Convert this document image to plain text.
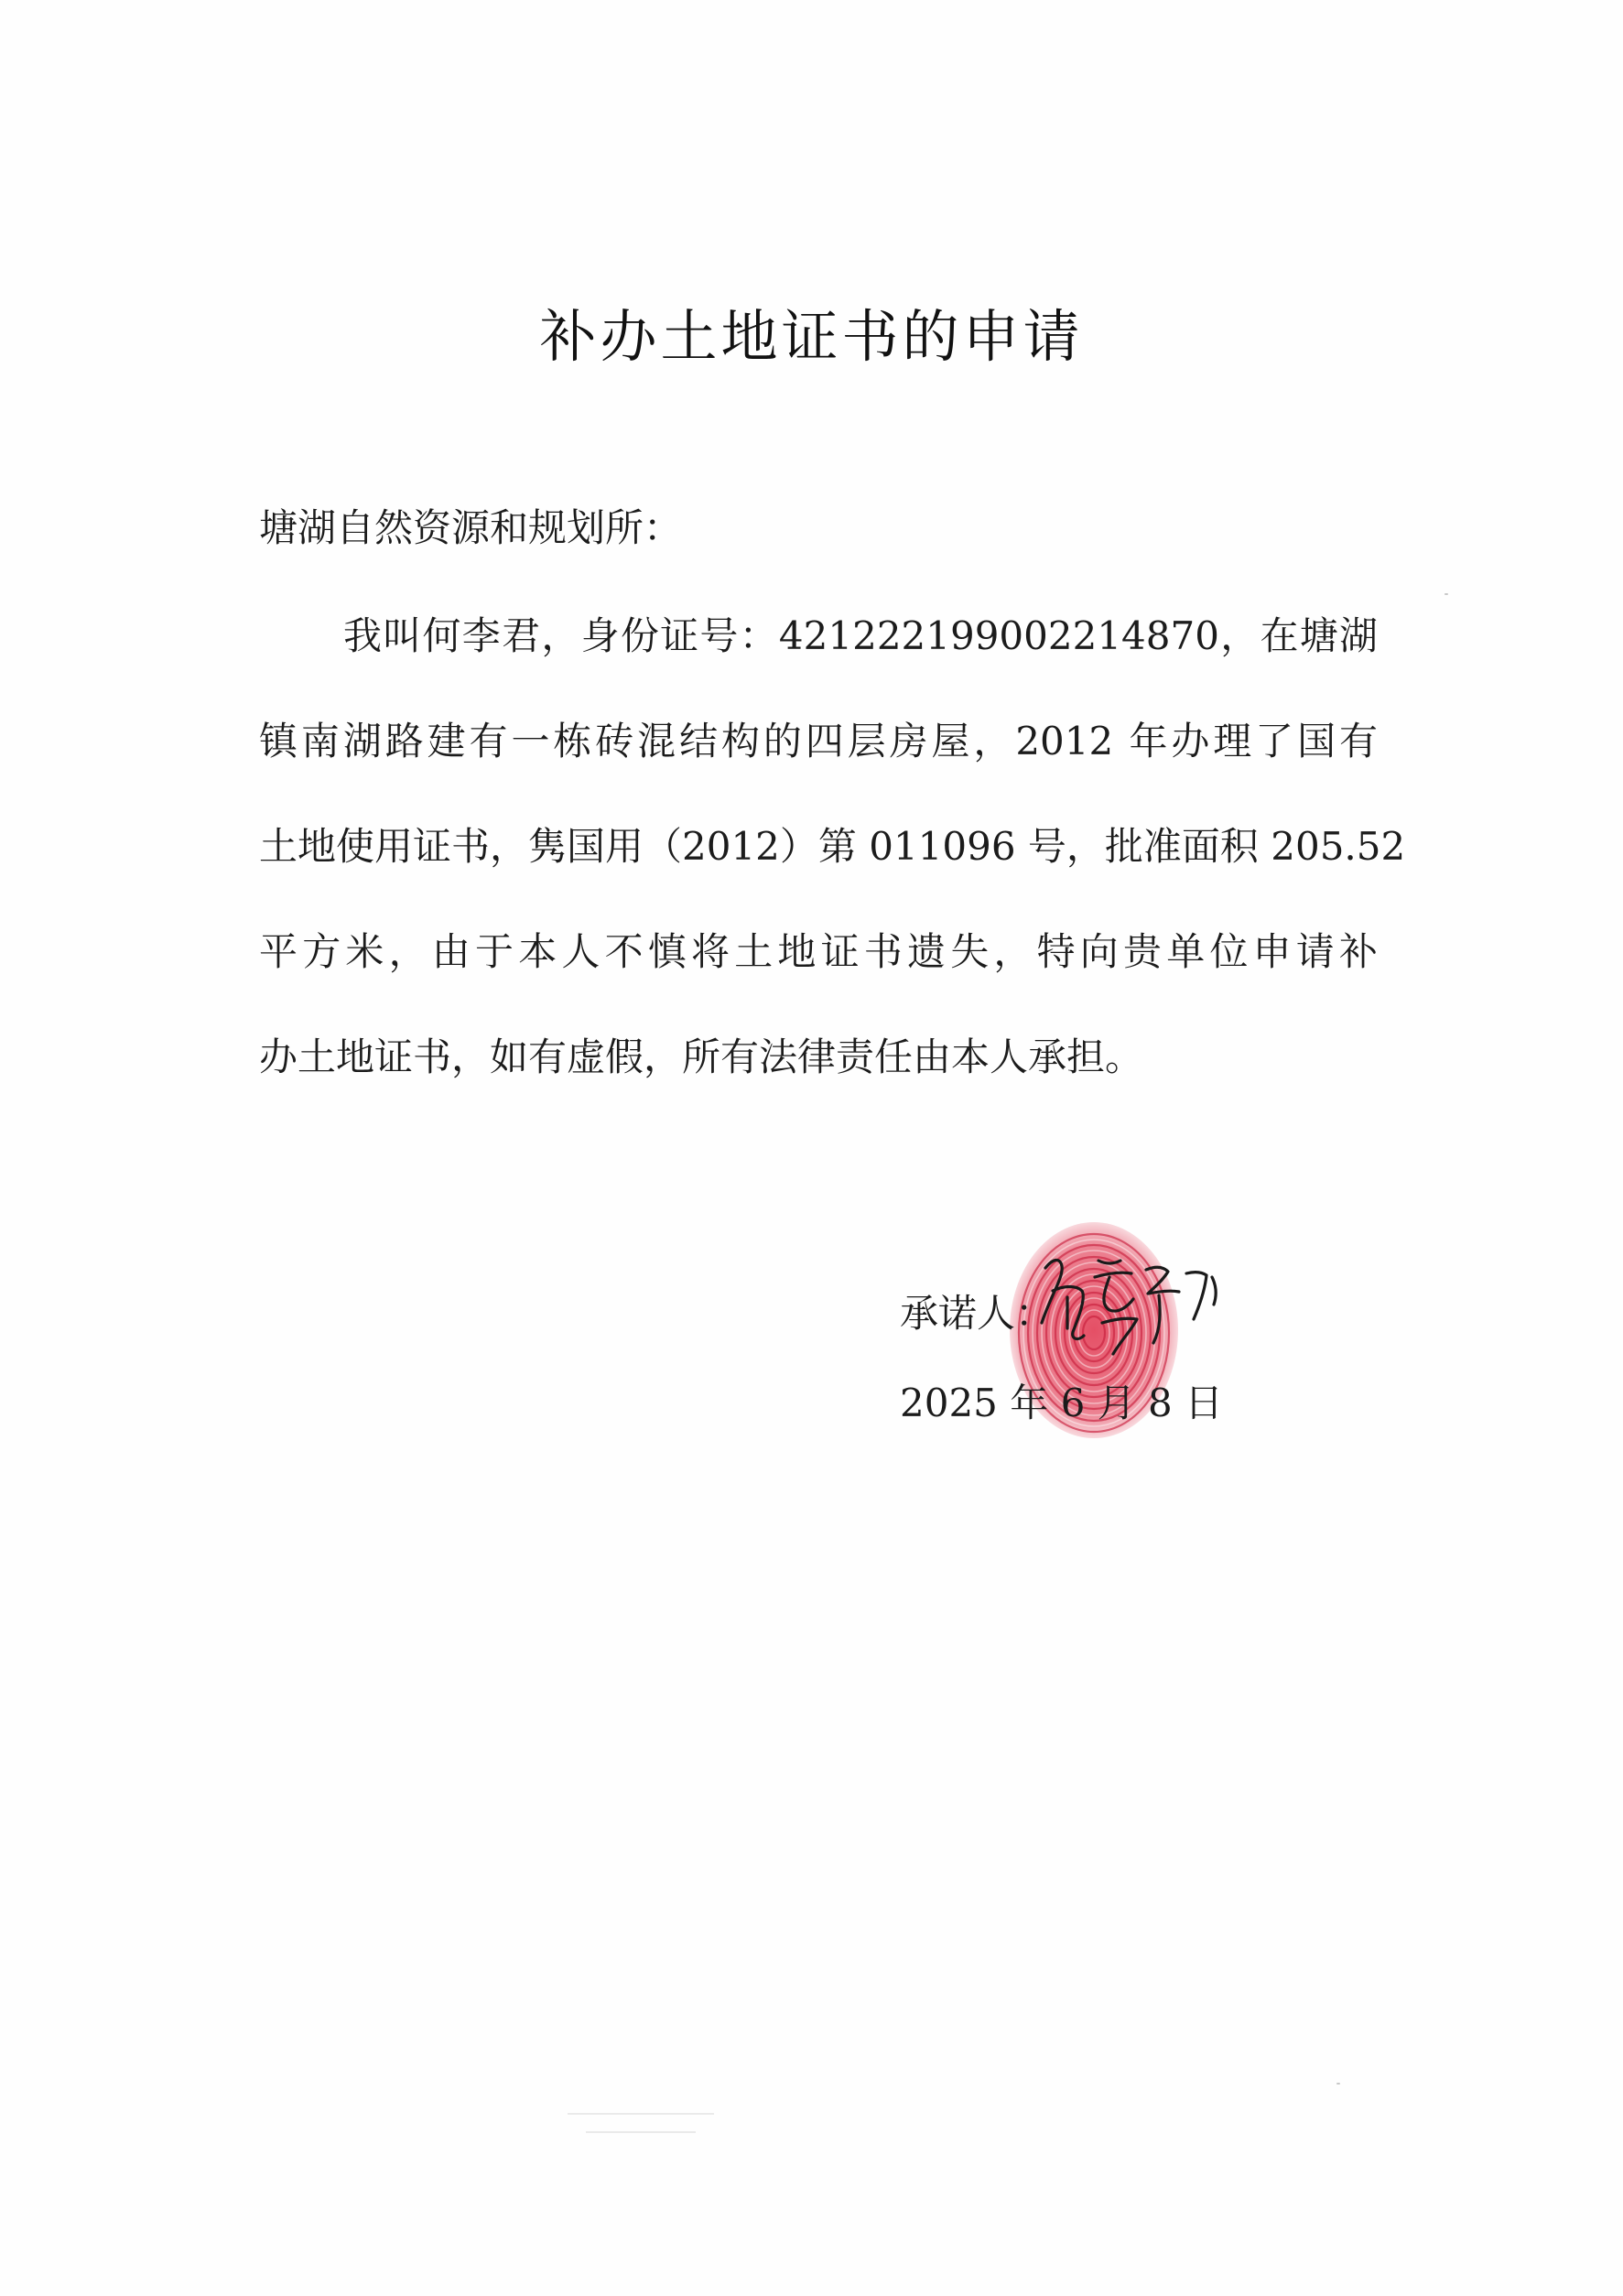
补办土地证书的申请
塘湖自然资源和规划所：
我叫何李君，身份证号：421222199002214870，在塘湖
镇南湖路建有一栋砖混结构的四层房屋，2012 年办理了国有
土地使用证书，隽国用（2012）第 011096 号，批准面积 205.52
平方米，由于本人不慎将土地证书遗失，特向贵单位申请补
办土地证书，如有虚假，所有法律责任由本人承担。
承诺人：
2025 年 6 月 8 日
